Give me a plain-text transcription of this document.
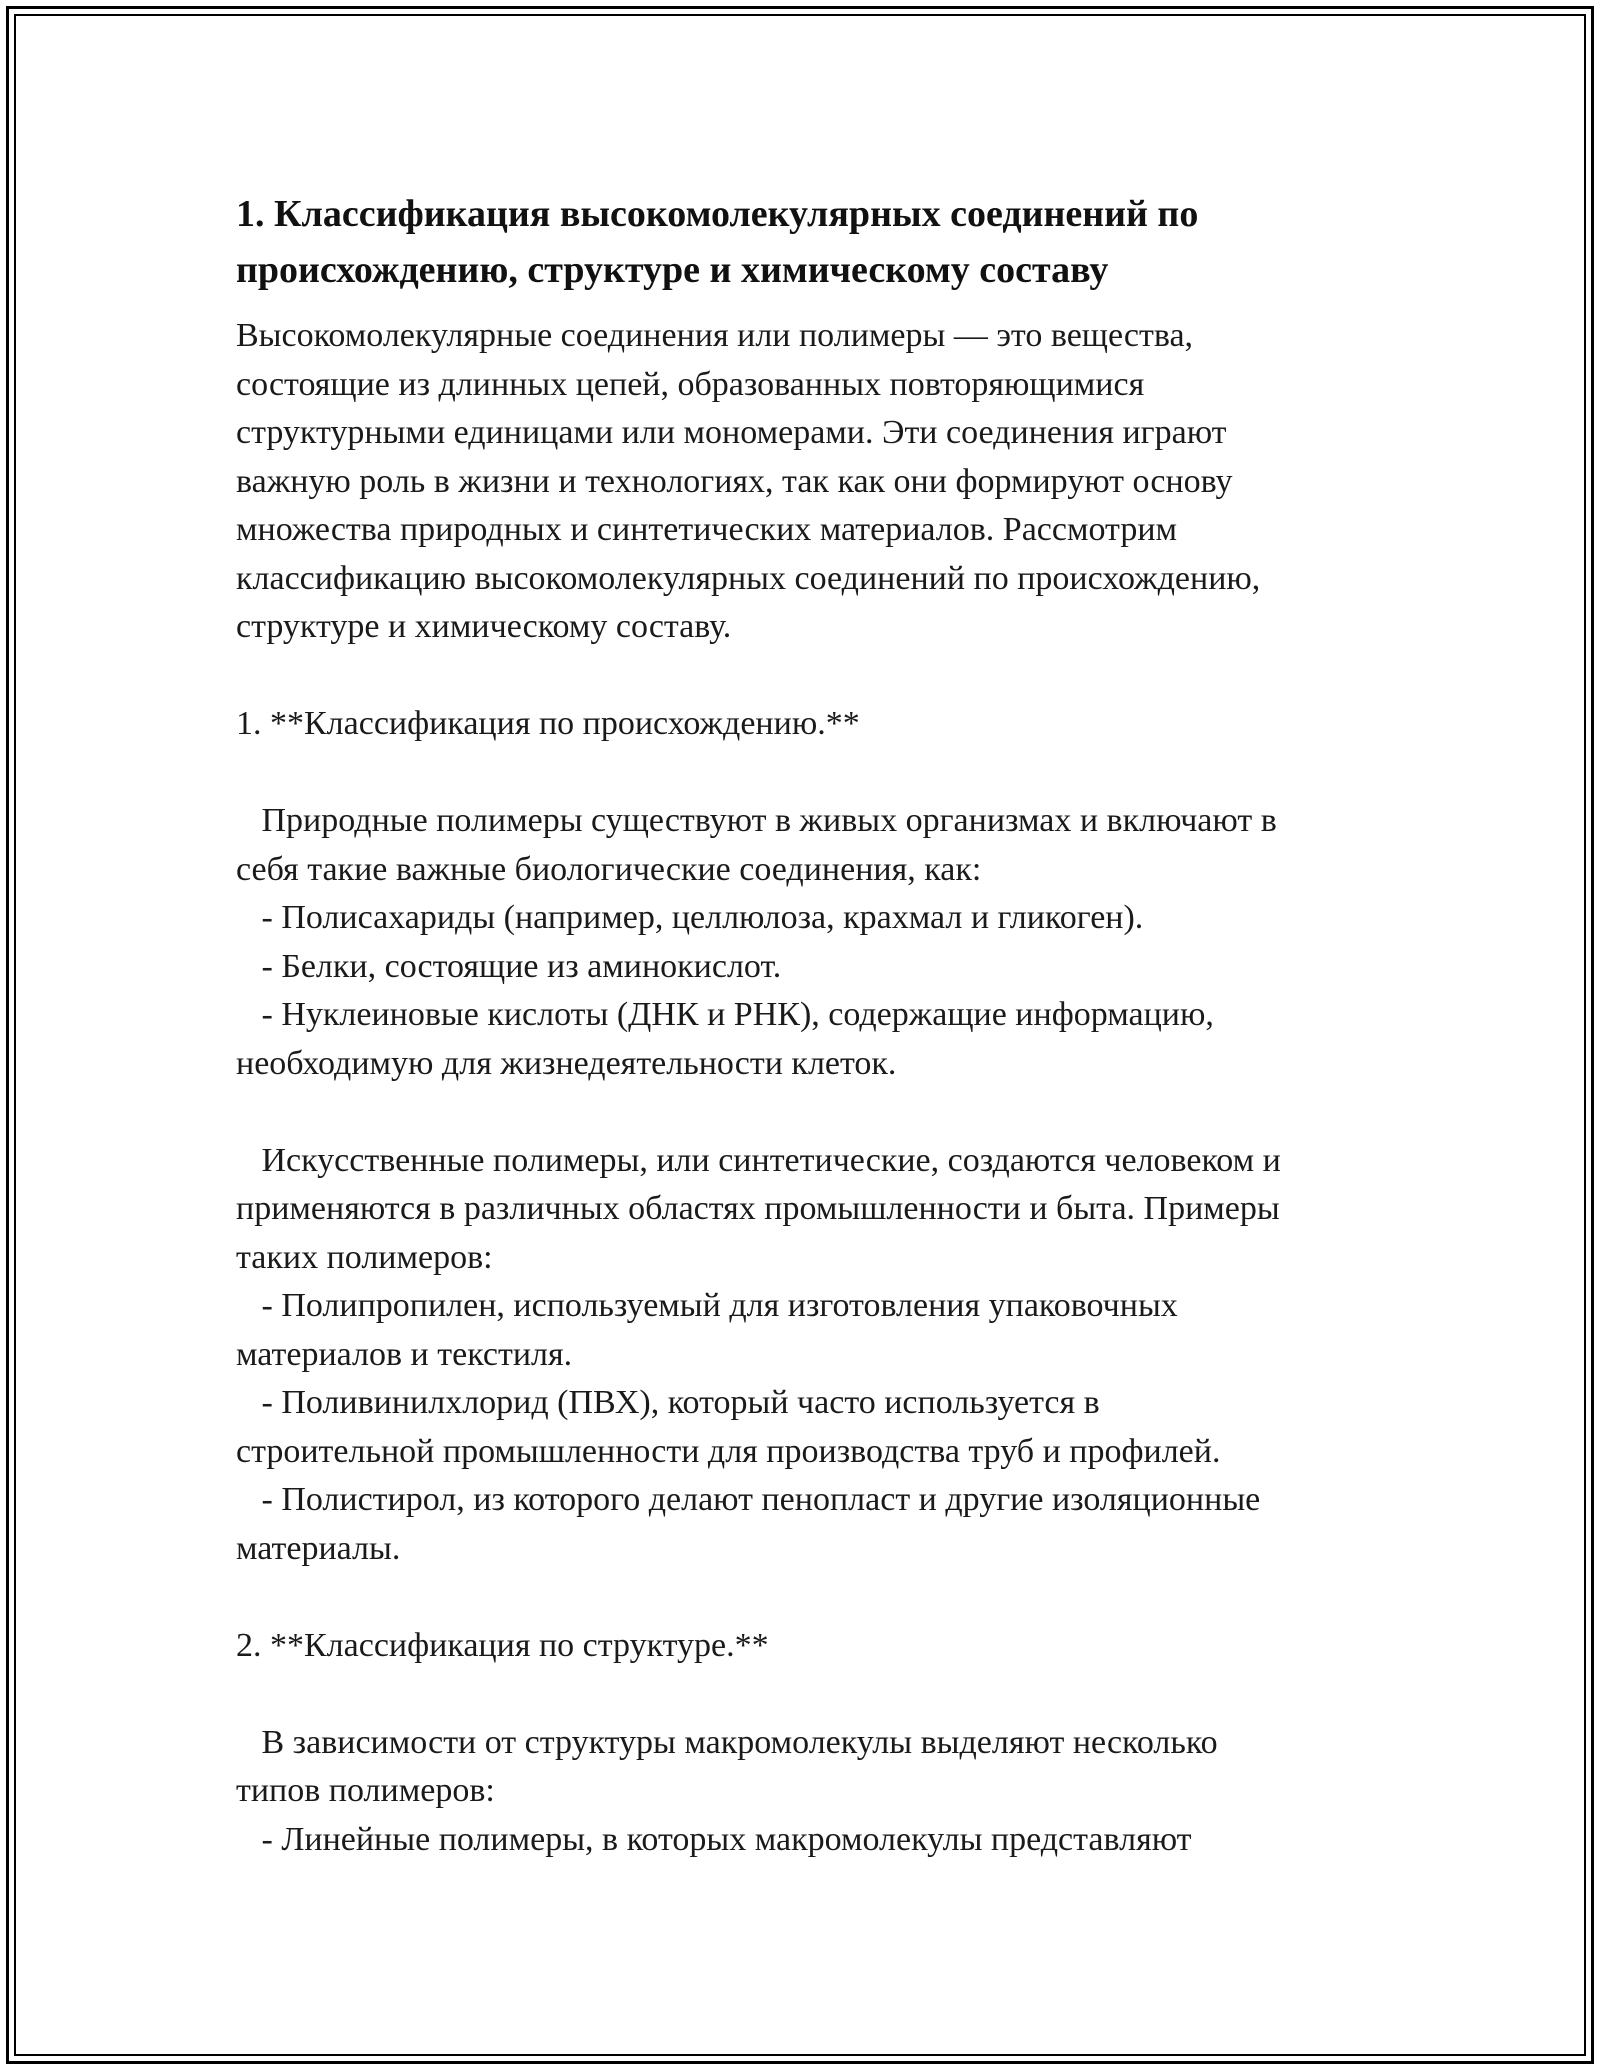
1. Классификация высокомолекулярных соединений по происхождению, структуре и химическому составу
Высокомолекулярные соединения или полимеры — это вещества,
состоящие из длинных цепей, образованных повторяющимися
структурными единицами или мономерами. Эти соединения играют
важную роль в жизни и технологиях, так как они формируют основу
множества природных и синтетических материалов. Рассмотрим
классификацию высокомолекулярных соединений по происхождению,
структуре и химическому составу.
1. **Классификация по происхождению.**
Природные полимеры существуют в живых организмах и включают в
себя такие важные биологические соединения, как:
- Полисахариды (например, целлюлоза, крахмал и гликоген).
- Белки, состоящие из аминокислот.
- Нуклеиновые кислоты (ДНК и РНК), содержащие информацию,
необходимую для жизнедеятельности клеток.
Искусственные полимеры, или синтетические, создаются человеком и
применяются в различных областях промышленности и быта. Примеры
таких полимеров:
- Полипропилен, используемый для изготовления упаковочных
материалов и текстиля.
- Поливинилхлорид (ПВХ), который часто используется в
строительной промышленности для производства труб и профилей.
- Полистирол, из которого делают пенопласт и другие изоляционные
материалы.
2. **Классификация по структуре.**
В зависимости от структуры макромолекулы выделяют несколько
типов полимеров:
- Линейные полимеры, в которых макромолекулы представляют
